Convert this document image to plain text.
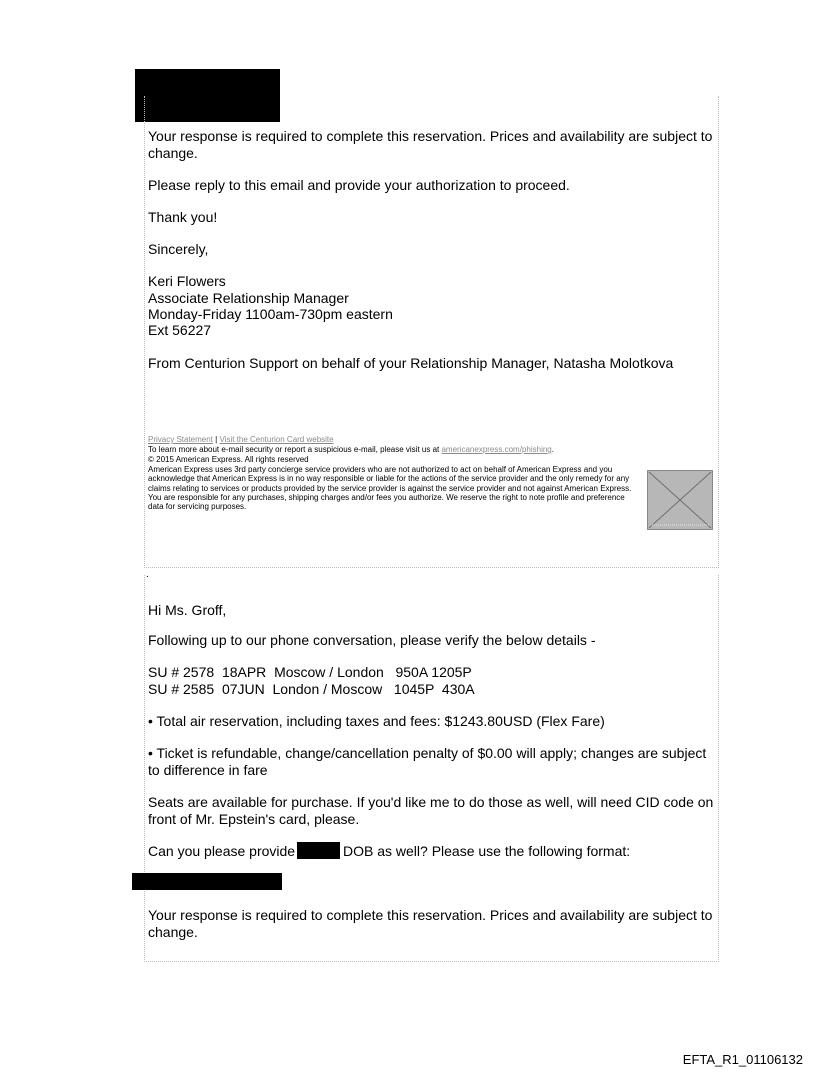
Your response is required to complete this reservation. Prices and availability are subject to change.
Please reply to this email and provide your authorization to proceed.
Thank you!
Sincerely,
Keri Flowers
Associate Relationship Manager
Monday-Friday 1100am-730pm eastern
Ext 56227
From Centurion Support on behalf of your Relationship Manager, Natasha Molotkova
Privacy Statement | Visit the Centurion Card website
To learn more about e-mail security or report a suspicious e-mail, please visit us at americanexpress.com/phishing.
© 2015 American Express. All rights reserved
American Express uses 3rd party concierge service providers who are not authorized to act on behalf of American Express and you acknowledge that American Express is in no way responsible or liable for the actions of the service provider and the only remedy for any claims relating to services or products provided by the service provider is against the service provider and not against American Express. You are responsible for any purchases, shipping charges and/or fees you authorize. We reserve the right to note profile and preference data for servicing purposes.
.
Hi Ms. Groff,
Following up to our phone conversation, please verify the below details -
SU # 2578  18APR  Moscow / London   950A 1205P
SU # 2585  07JUN  London / Moscow   1045P  430A
• Total air reservation, including taxes and fees: $1243.80USD (Flex Fare)
• Ticket is refundable, change/cancellation penalty of $0.00 will apply; changes are subject to difference in fare
Seats are available for purchase. If you'd like me to do those as well, will need CID code on front of Mr. Epstein's card, please.
Can you please provide	DOB as well? Please use the following format:
Your response is required to complete this reservation. Prices and availability are subject to change.
EFTA_R1_01106132
